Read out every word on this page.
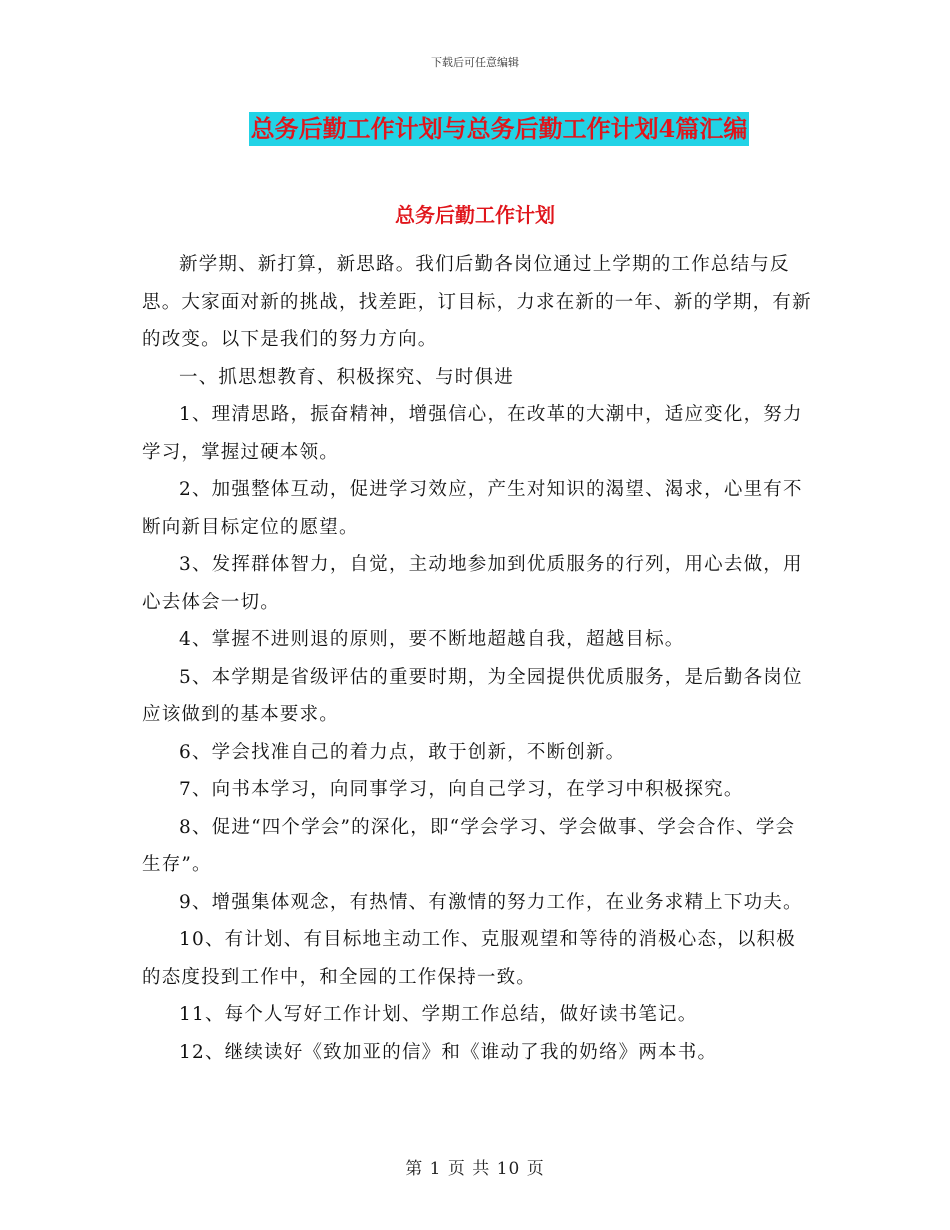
下载后可任意编辑
总务后勤工作计划与总务后勤工作计划4篇汇编
总务后勤工作计划

新学期、新打算，新思路。我们后勤各岗位通过上学期的工作总结与反思。大家面对新的挑战，找差距，订目标，力求在新的一年、新的学期，有新的改变。以下是我们的努力方向。

一、抓思想教育、积极探究、与时俱进

1、理清思路，振奋精神，增强信心，在改革的大潮中，适应变化，努力学习，掌握过硬本领。

2、加强整体互动，促进学习效应，产生对知识的渴望、渴求，心里有不断向新目标定位的愿望。

3、发挥群体智力，自觉，主动地参加到优质服务的行列，用心去做，用心去体会一切。

4、掌握不进则退的原则，要不断地超越自我，超越目标。

5、本学期是省级评估的重要时期，为全园提供优质服务，是后勤各岗位应该做到的基本要求。

6、学会找准自己的着力点，敢于创新，不断创新。

7、向书本学习，向同事学习，向自己学习，在学习中积极探究。

8、促进“四个学会”的深化，即“学会学习、学会做事、学会合作、学会生存”。

9、增强集体观念，有热情、有激情的努力工作，在业务求精上下功夫。

10、有计划、有目标地主动工作、克服观望和等待的消极心态，以积极的态度投到工作中，和全园的工作保持一致。

11、每个人写好工作计划、学期工作总结，做好读书笔记。

12、继续读好《致加亚的信》和《谁动了我的奶络》两本书。

第 1 页 共 10 页
